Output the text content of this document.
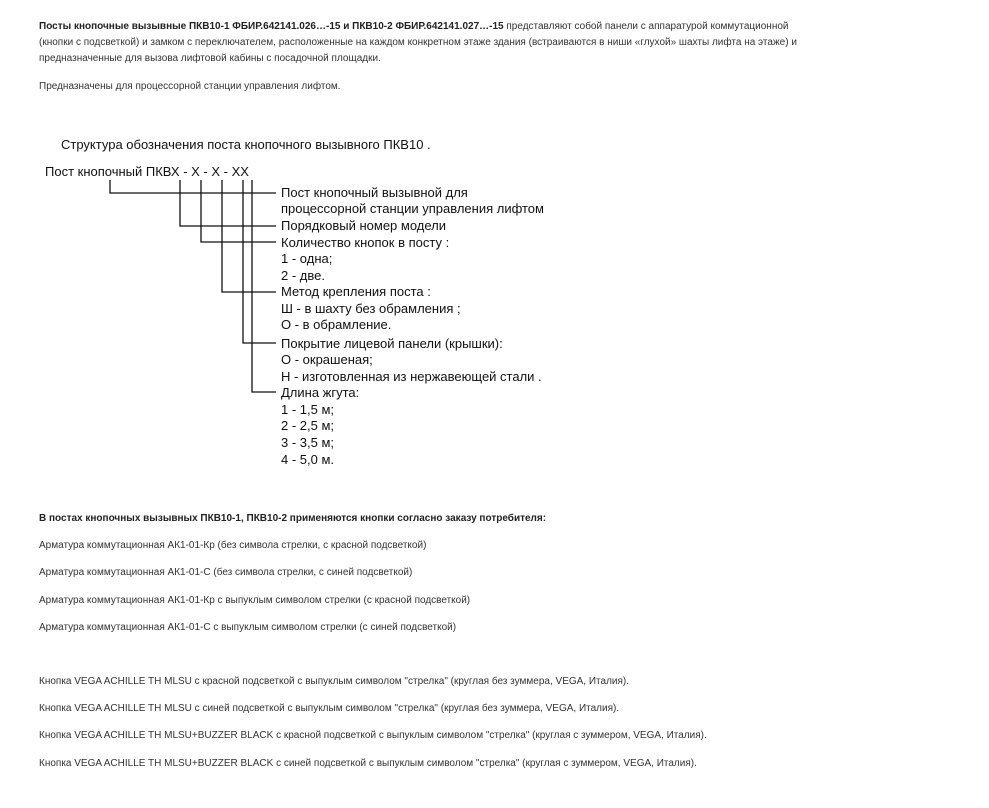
Посты кнопочные вызывные ПКВ10-1 ФБИР.642141.026…-15 и ПКВ10-2 ФБИР.642141.027…-15 представляют собой панели с аппаратурой коммутационной (кнопки с подсветкой) и замком с переключателем, расположенные на каждом конкретном этаже здания (встраиваются в ниши «глухой» шахты лифта на этаже) и предназначенные для вызова лифтовой кабины с посадочной площадки.

Предназначены для процессорной станции управления лифтом.

Структура обозначения поста кнопочного вызывного ПКВ10 .
Пост кнопочный ПКВХ - Х - Х - ХХ
Пост кнопочный вызывной для
процессорной станции управления лифтом
Порядковый номер модели
Количество кнопок в посту :
1 - одна;
2 - две.
Метод крепления поста :
Ш - в шахту без обрамления ;
О - в обрамление.
Покрытие лицевой панели (крышки):
О - окрашеная;
Н - изготовленная из нержавеющей стали .
Длина жгута:
1 - 1,5 м;
2 - 2,5 м;
3 - 3,5 м;
4 - 5,0 м.

В постах кнопочных вызывных ПКВ10-1, ПКВ10-2 применяются кнопки согласно заказу потребителя:

Арматура коммутационная АК1-01-Кр (без символа стрелки, с красной подсветкой)

Арматура коммутационная АК1-01-С (без символа стрелки, с синей подсветкой)

Арматура коммутационная АК1-01-Кр с выпуклым символом стрелки (с красной подсветкой)

Арматура коммутационная АК1-01-С с выпуклым символом стрелки (с синей подсветкой)

Кнопка VEGA ACHILLE TH MLSU с красной подсветкой с выпуклым символом "стрелка" (круглая без зуммера, VEGA, Италия).

Кнопка VEGA ACHILLE TH MLSU с синей подсветкой с выпуклым символом "стрелка" (круглая без зуммера, VEGA, Италия).

Кнопка VEGA ACHILLE TH MLSU+BUZZER BLACK с красной подсветкой с выпуклым символом "стрелка" (круглая с зуммером, VEGA, Италия).

Кнопка VEGA ACHILLE TH MLSU+BUZZER BLACK с синей подсветкой с выпуклым символом "стрелка" (круглая с зуммером, VEGA, Италия).
